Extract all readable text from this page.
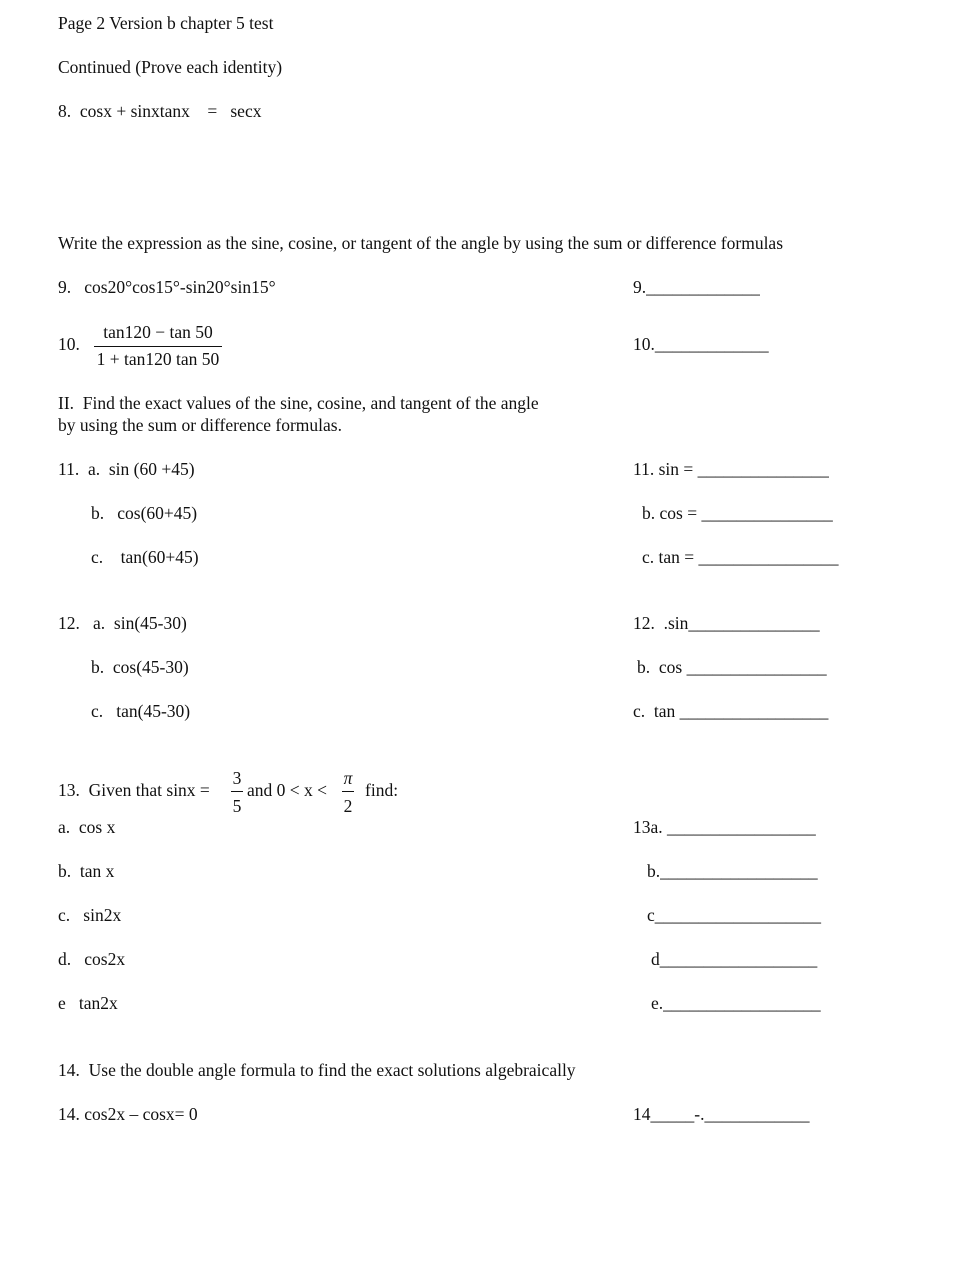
Page 2 Version b chapter 5 test
Continued (Prove each identity)
8.  cosx + sinxtanx    =   secx
Write the expression as the sine, cosine, or tangent of the angle by using the sum or difference formulas
9.   cos20°cos15°-sin20°sin15°	9._____________
10.
tan120 − tan 50
1 + tan120 tan 50
10._____________
II.  Find the exact values of the sine, cosine, and tangent of the angle
by using the sum or difference formulas.
11.  a.  sin (60 +45)	11. sin = _______________
b.   cos(60+45)	b. cos = _______________
c.    tan(60+45)	c. tan = ________________
12.   a.  sin(45-30)	12.  .sin_______________
b.  cos(45-30)	b.  cos ________________
c.   tan(45-30)	c.  tan _________________
13.  Given that sinx =
3
5
and 0 < x <
π
2
find:
a.  cos x	13a. _________________
b.  tan x	b.__________________
c.   sin2x	c___________________
d.   cos2x	d__________________
e   tan2x	e.__________________
14.  Use the double angle formula to find the exact solutions algebraically
14. cos2x – cosx= 0	14_____-.____________
